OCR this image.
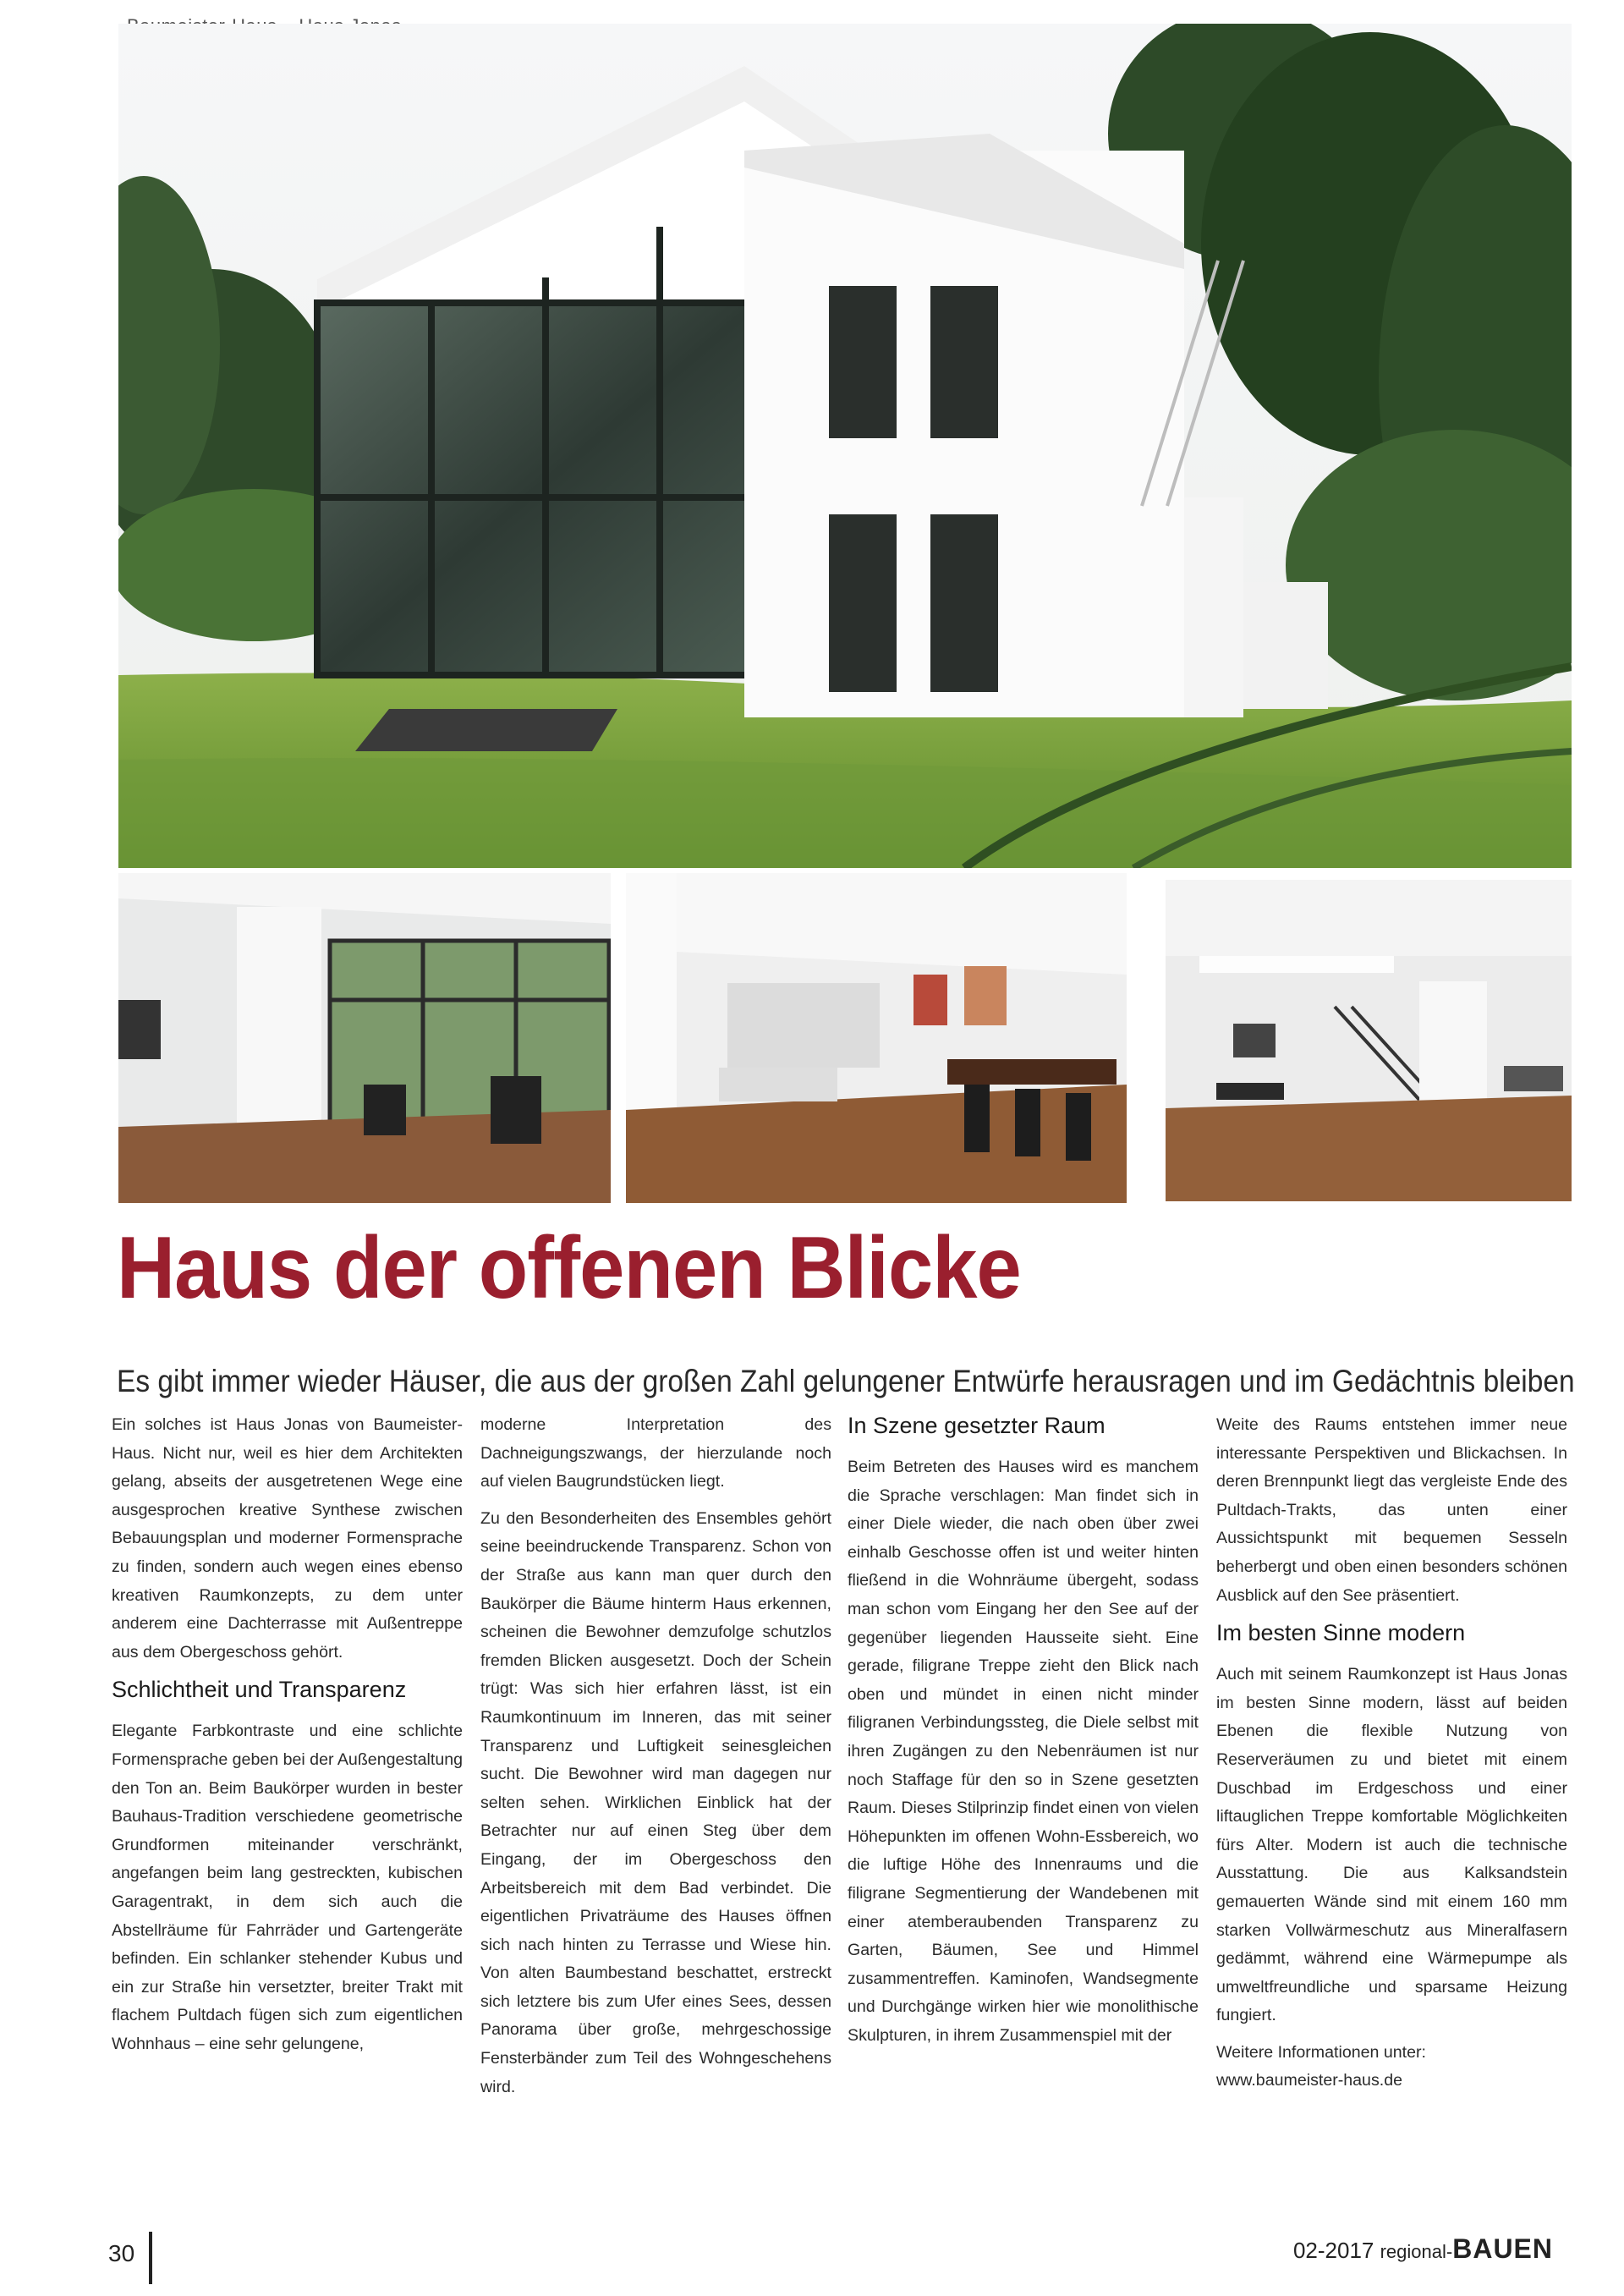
Haus der offenen Blicke
Es gibt immer wieder Häuser, die aus der großen Zahl gelungener Entwürfe herausragen und im Gedächtnis bleiben

Ein solches ist Haus Jonas von Baumeister-Haus. Nicht nur, weil es hier dem Architekten gelang, abseits der ausgetretenen Wege eine ausgesprochen kreative Synthese zwischen Bebauungsplan und moderner Formensprache zu finden, sondern auch wegen eines ebenso kreativen Raumkonzepts, zu dem unter anderem eine Dachterrasse mit Außentreppe aus dem Obergeschoss gehört.

Schlichtheit und Transparenz

Elegante Farbkontraste und eine schlichte Formensprache geben bei der Außengestaltung den Ton an. Beim Baukörper wurden in bester Bauhaus-Tradition verschiedene geometrische Grundformen miteinander verschränkt, angefangen beim lang gestreckten, kubischen Garagentrakt, in dem sich auch die Abstellräume für Fahrräder und Gartengeräte befinden. Ein schlanker stehender Kubus und ein zur Straße hin versetzter, breiter Trakt mit flachem Pultdach fügen sich zum eigentlichen Wohnhaus – eine sehr gelungene,

moderne Interpretation des Dachneigungszwangs, der hierzulande noch auf vielen Baugrundstücken liegt.

Zu den Besonderheiten des Ensembles gehört seine beeindruckende Transparenz. Schon von der Straße aus kann man quer durch den Baukörper die Bäume hinterm Haus erkennen, scheinen die Bewohner demzufolge schutzlos fremden Blicken ausgesetzt. Doch der Schein trügt: Was sich hier erfahren lässt, ist ein Raumkontinuum im Inneren, das mit seiner Transparenz und Luftigkeit seinesgleichen sucht. Die Bewohner wird man dagegen nur selten sehen. Wirklichen Einblick hat der Betrachter nur auf einen Steg über dem Eingang, der im Obergeschoss den Arbeitsbereich mit dem Bad verbindet. Die eigentlichen Privaträume des Hauses öffnen sich nach hinten zu Terrasse und Wiese hin. Von alten Baumbestand beschattet, erstreckt sich letztere bis zum Ufer eines Sees, dessen Panorama über große, mehrgeschossige Fensterbänder zum Teil des Wohngeschehens wird.

In Szene gesetzter Raum

Beim Betreten des Hauses wird es manchem die Sprache verschlagen: Man findet sich in einer Diele wieder, die nach oben über zwei einhalb Geschosse offen ist und weiter hinten fließend in die Wohnräume übergeht, sodass man schon vom Eingang her den See auf der gegenüber liegenden Hausseite sieht. Eine gerade, filigrane Treppe zieht den Blick nach oben und mündet in einen nicht minder filigranen Verbindungssteg, die Diele selbst mit ihren Zugängen zu den Nebenräumen ist nur noch Staffage für den so in Szene gesetzten Raum. Dieses Stilprinzip findet einen von vielen Höhepunkten im offenen Wohn-Essbereich, wo die luftige Höhe des Innenraums und die filigrane Segmentierung der Wandebenen mit einer atemberaubenden Transparenz zu Garten, Bäumen, See und Himmel zusammentreffen. Kaminofen, Wandsegmente und Durchgänge wirken hier wie monolithische Skulpturen, in ihrem Zusammenspiel mit der

Weite des Raums entstehen immer neue interessante Perspektiven und Blickachsen. In deren Brennpunkt liegt das vergleiste Ende des Pultdach-Trakts, das unten einer Aussichtspunkt mit bequemen Sesseln beherbergt und oben einen besonders schönen Ausblick auf den See präsentiert.

Im besten Sinne modern

Auch mit seinem Raumkonzept ist Haus Jonas im besten Sinne modern, lässt auf beiden Ebenen die flexible Nutzung von Reserveräumen zu und bietet mit einem Duschbad im Erdgeschoss und einer liftauglichen Treppe komfortable Möglichkeiten fürs Alter. Modern ist auch die technische Ausstattung. Die aus Kalksandstein gemauerten Wände sind mit einem 160 mm starken Vollwärmeschutz aus Mineralfasern gedämmt, während eine Wärmepumpe als umweltfreundliche und sparsame Heizung fungiert.

Weitere Informationen unter:

www.baumeister-haus.de

30	02-2017 regional-BAUEN
